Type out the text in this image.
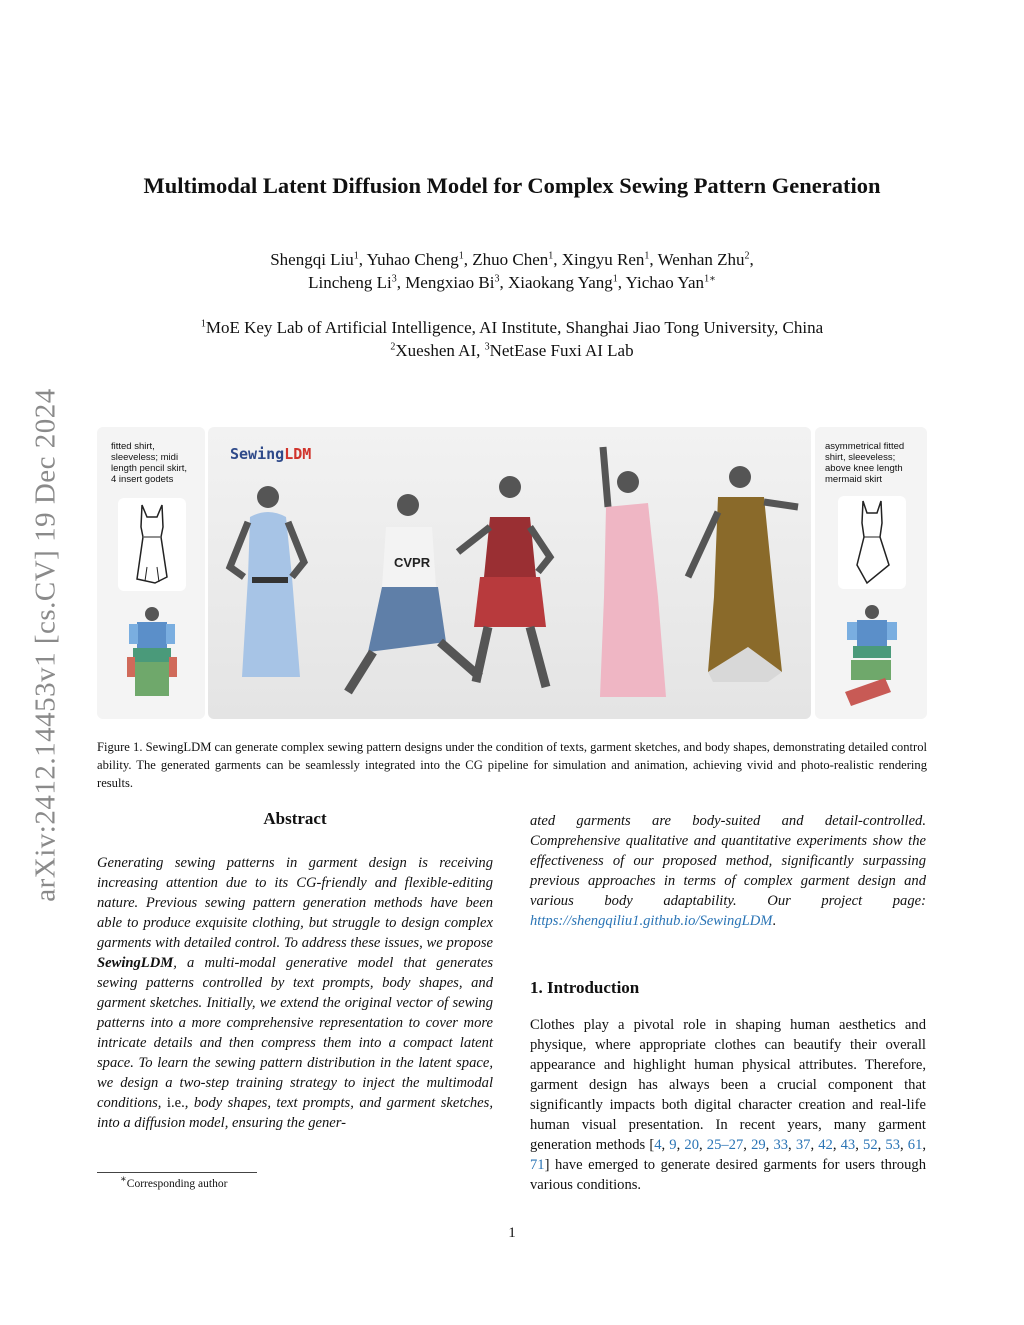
arXiv:2412.14453v1 [cs.CV] 19 Dec 2024
Multimodal Latent Diffusion Model for Complex Sewing Pattern Generation
Shengqi Liu$^1$, Yuhao Cheng$^1$, Zhuo Chen$^1$, Xingyu Ren$^1$, Wenhan Zhu$^2$,
Lincheng Li$^3$, Mengxiao Bi$^3$, Xiaokang Yang$^1$, Yichao Yan$^{1∗}$
$^1$MoE Key Lab of Artificial Intelligence, AI Institute, Shanghai Jiao Tong University, China
$^2$Xueshen AI, $^3$NetEase Fuxi AI Lab
fitted shirt,
sleeveless; midi
length pencil skirt,
4 insert godets
SewingLDM
CVPR
asymmetrical fitted
shirt, sleeveless;
above knee length
mermaid skirt
Figure 1. SewingLDM can generate complex sewing pattern designs under the condition of texts, garment sketches, and body shapes, demonstrating detailed control ability. The generated garments can be seamlessly integrated into the CG pipeline for simulation and animation, achieving vivid and photo-realistic rendering results.
Abstract
Generating sewing patterns in garment design is receiving increasing attention due to its CG-friendly and flexible-editing nature. Previous sewing pattern generation methods have been able to produce exquisite clothing, but struggle to design complex garments with detailed control. To address these issues, we propose SewingLDM, a multi-modal generative model that generates sewing patterns controlled by text prompts, body shapes, and garment sketches. Initially, we extend the original vector of sewing patterns into a more comprehensive representation to cover more intricate details and then compress them into a compact latent space. To learn the sewing pattern distribution in the latent space, we design a two-step training strategy to inject the multimodal conditions, i.e., body shapes, text prompts, and garment sketches, into a diffusion model, ensuring the gener-
ated garments are body-suited and detail-controlled. Comprehensive qualitative and quantitative experiments show the effectiveness of our proposed method, significantly surpassing previous approaches in terms of complex garment design and various body adaptability. Our project page: https://shengqiliu1.github.io/SewingLDM.
1. Introduction
Clothes play a pivotal role in shaping human aesthetics and physique, where appropriate clothes can beautify their overall appearance and highlight human physical attributes. Therefore, garment design has always been a crucial component that significantly impacts both digital character creation and real-life human visual presentation. In recent years, many garment generation methods [4, 9, 20, 25–27, 29, 33, 37, 42, 43, 52, 53, 61, 71] have emerged to generate desired garments for users through various conditions.
∗Corresponding author
1
